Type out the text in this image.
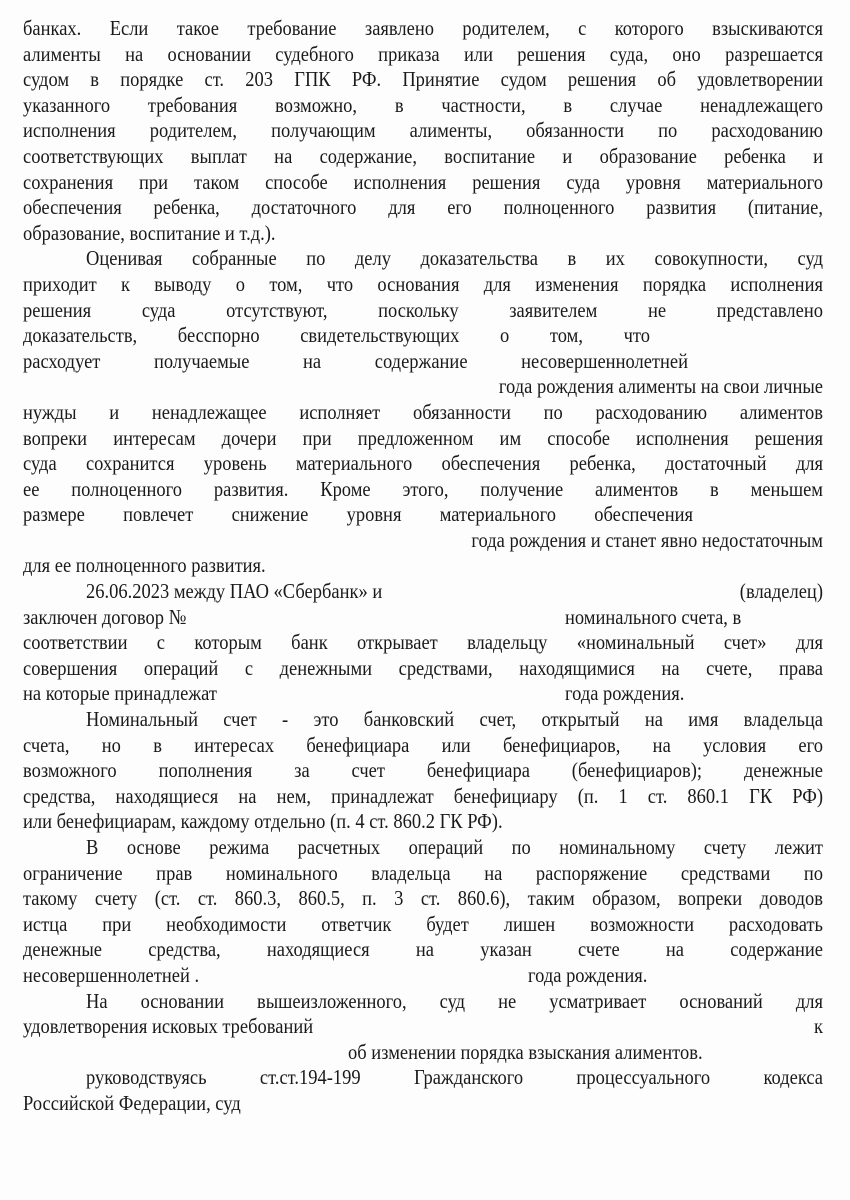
банках. Если такое требование заявлено родителем, с которого взыскиваются
алименты на основании судебного приказа или решения суда, оно разрешается
судом в порядке ст. 203 ГПК РФ. Принятие судом решения об удовлетворении
указанного требования возможно, в частности, в случае ненадлежащего
исполнения родителем, получающим алименты, обязанности по расходованию
соответствующих выплат на содержание, воспитание и образование ребенка и
сохранения при таком способе исполнения решения суда уровня материального
обеспечения ребенка, достаточного для его полноценного развития (питание,
образование, воспитание и т.д.).
Оценивая собранные по делу доказательства в их совокупности, суд
приходит к выводу о том, что основания для изменения порядка исполнения
решения суда отсутствуют, поскольку заявителем не представлено
доказательств, бесспорно свидетельствующих о том, что
расходует получаемые на содержание несовершеннолетней
года рождения алименты на свои личные
нужды и ненадлежащее исполняет обязанности по расходованию алиментов
вопреки интересам дочери при предложенном им способе исполнения решения
суда сохранится уровень материального обеспечения ребенка, достаточный для
ее полноценного развития. Кроме этого, получение алиментов в меньшем
размере повлечет снижение уровня материального обеспечения
года рождения и станет явно недостаточным
для ее полноценного развития.
26.06.2023 между ПАО «Сбербанк» и	(владелец)
заключен договор №	номинального счета, в
соответствии с которым банк открывает владельцу «номинальный счет» для
совершения операций с денежными средствами, находящимися на счете, права
на которые принадлежат	года рождения.
Номинальный счет - это банковский счет, открытый на имя владельца
счета, но в интересах бенефициара или бенефициаров, на условия его
возможного пополнения за счет бенефициара (бенефициаров); денежные
средства, находящиеся на нем, принадлежат бенефициару (п. 1 ст. 860.1 ГК РФ)
или бенефициарам, каждому отдельно (п. 4 ст. 860.2 ГК РФ).
В основе режима расчетных операций по номинальному счету лежит
ограничение прав номинального владельца на распоряжение средствами по
такому счету (ст. ст. 860.3, 860.5, п. 3 ст. 860.6), таким образом, вопреки доводов
истца при необходимости ответчик будет лишен возможности расходовать
денежные средства, находящиеся на указан счете на содержание
несовершеннолетней .	года рождения.
На основании вышеизложенного, суд не усматривает оснований для
удовлетворения исковых требований	к
об изменении порядка взыскания алиментов.
руководствуясь ст.ст.194-199 Гражданского процессуального кодекса
Российской Федерации, суд
